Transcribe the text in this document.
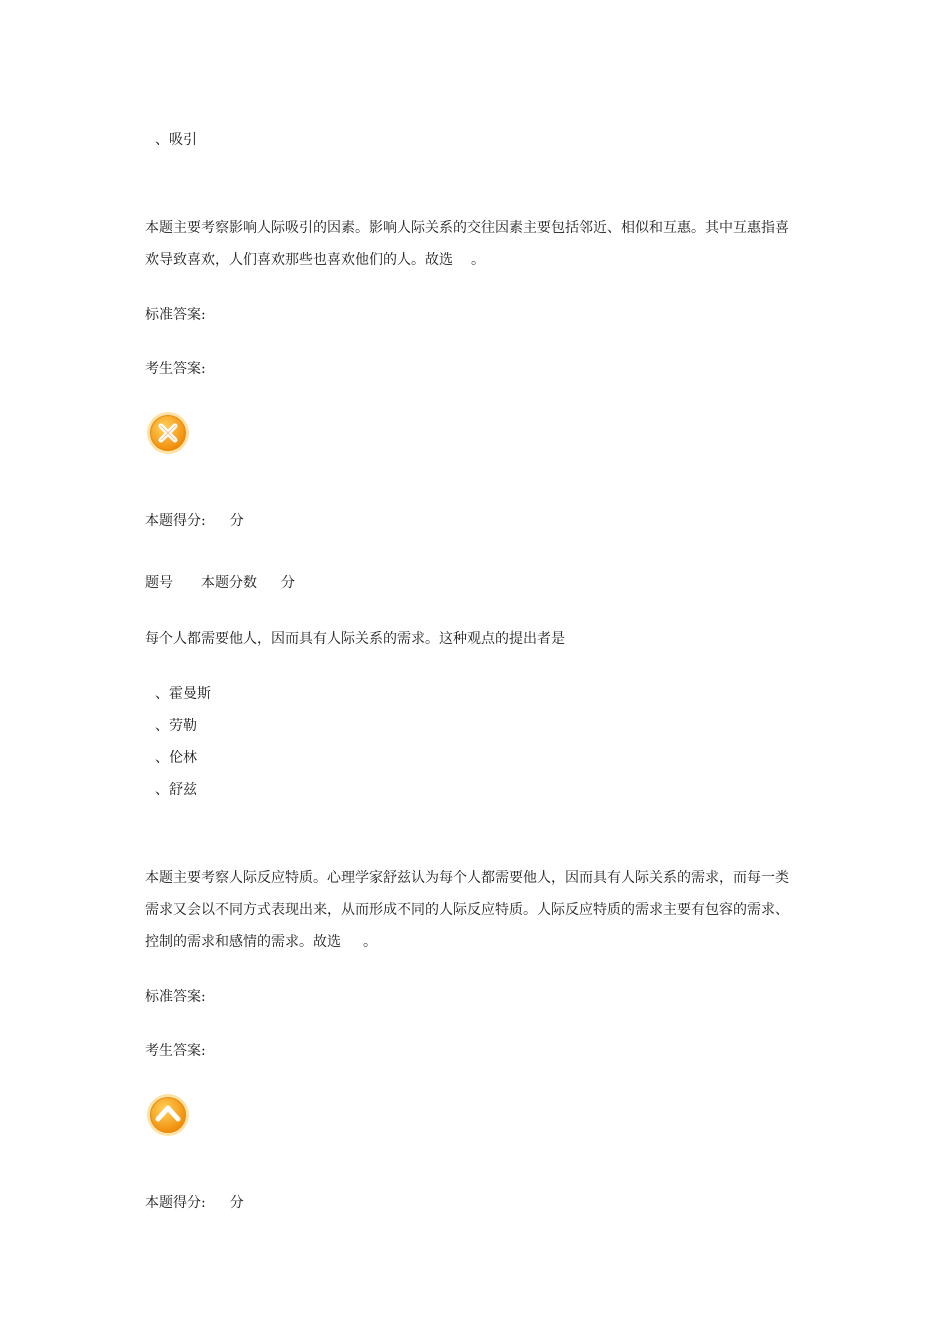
、吸引
本题主要考察影响人际吸引的因素。影响人际关系的交往因素主要包括邻近、相似和互惠。其中互惠指喜
欢导致喜欢，人们喜欢那些也喜欢他们的人。故选 。
标准答案:
考生答案:
本题得分: 分
题号 本题分数 分
每个人都需要他人，因而具有人际关系的需求。这种观点的提出者是
、霍曼斯
、劳勒
、伦林
、舒兹
本题主要考察人际反应特质。心理学家舒兹认为每个人都需要他人，因而具有人际关系的需求，而每一类
需求又会以不同方式表现出来，从而形成不同的人际反应特质。人际反应特质的需求主要有包容的需求、
控制的需求和感情的需求。故选 。
标准答案:
考生答案:
本题得分: 分
